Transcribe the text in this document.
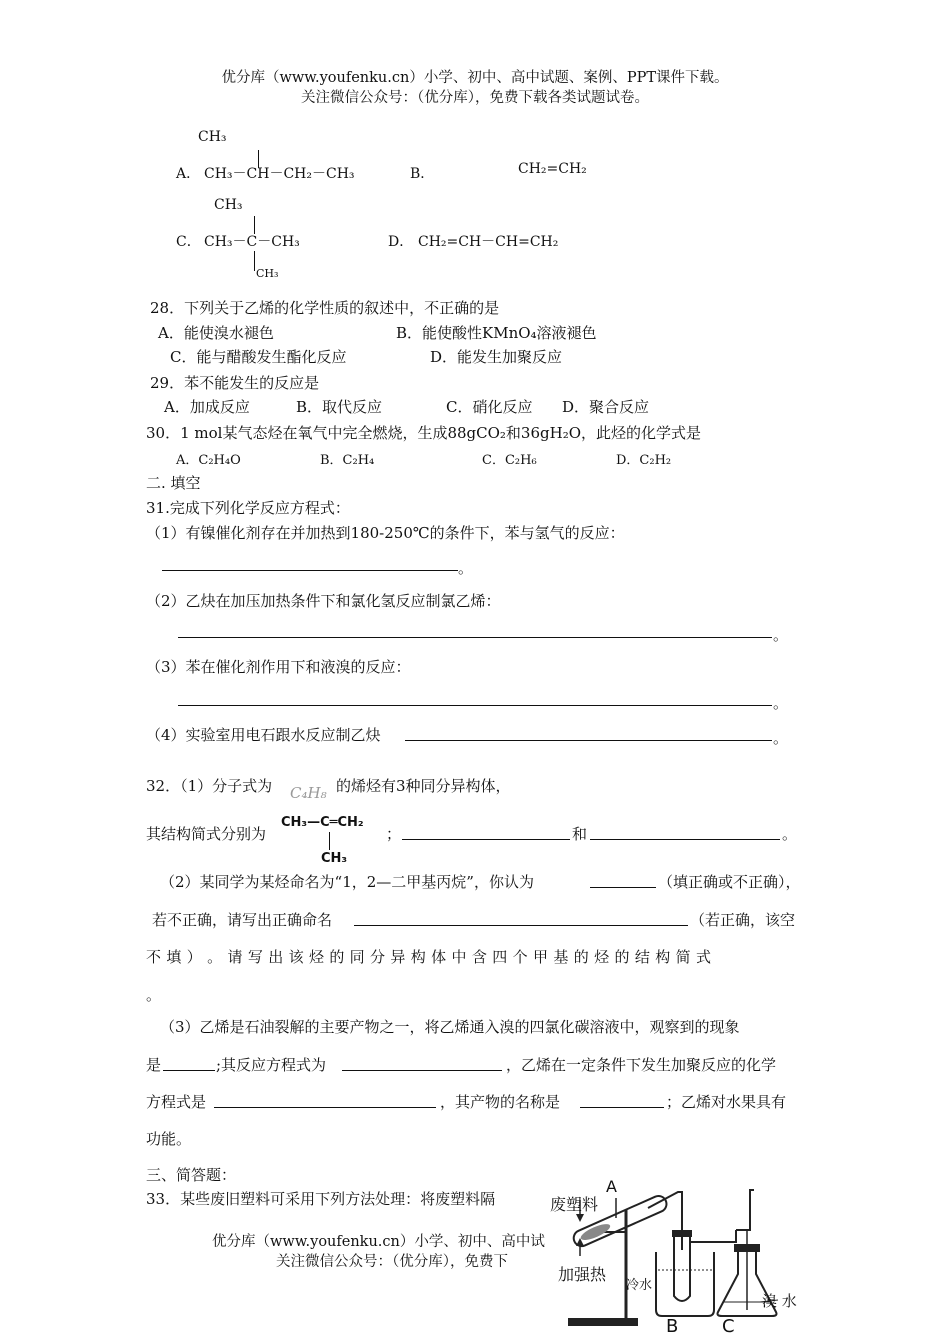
优分库（www.youfenku.cn）小学、初中、高中试题、案例、PPT课件下载。
关注微信公众号：（优分库），免费下载各类试题试卷。
CH₃
A． CH₃－CH－CH₂－CH₃	B．	CH₂=CH₂
CH₃
C． CH₃－C－CH₃
CH₃
D． CH₂=CH－CH=CH₂
28．下列关于乙烯的化学性质的叙述中，不正确的是
A．能使溴水褪色	B．能使酸性KMnO₄溶液褪色
C．能与醋酸发生酯化反应	D．能发生加聚反应
29．苯不能发生的反应是
A．加成反应	B．取代反应	C．硝化反应 D．聚合反应
30．1 mol某气态烃在氧气中完全燃烧，生成88gCO₂和36gH₂O，此烃的化学式是
A．C₂H₄O	B．C₂H₄	C．C₂H₆	D．C₂H₂
二. 填空
31.完成下列化学反应方程式：
（1）有镍催化剂存在并加热到180-250℃的条件下，苯与氢气的反应：
。
（2）乙炔在加压加热条件下和氯化氢反应制氯乙烯：
。
（3）苯在催化剂作用下和液溴的反应：
。
（4）实验室用电石跟水反应制乙炔	。
32．（1）分子式为 C₄H₈ 的烯烃有3种同分异构体，
其结构简式分别为
CH₃—C═CH₂
CH₃
；	和	。
（2）某同学为某烃命名为“1，2—二甲基丙烷”，你认为	（填正确或不正确），
若不正确，请写出正确命名	（若正确，该空
不 填 ） 。 请 写 出 该 烃 的 同 分 异 构 体 中 含 四 个 甲 基 的 烃 的 结 构 简 式
。
（3）乙烯是石油裂解的主要产物之一，将乙烯通入溴的四氯化碳溶液中，观察到的现象
是	;其反应方程式为	，乙烯在一定条件下发生加聚反应的化学
方程式是	，其产物的名称是	；乙烯对水果具有
功能。
三、简答题：
33．某些废旧塑料可采用下列方法处理：将废塑料隔
优分库（www.youfenku.cn）小学、初中、高中试
关注微信公众号：（优分库），免费下
废塑料
A
加强热
冷水
B C
溴 水
